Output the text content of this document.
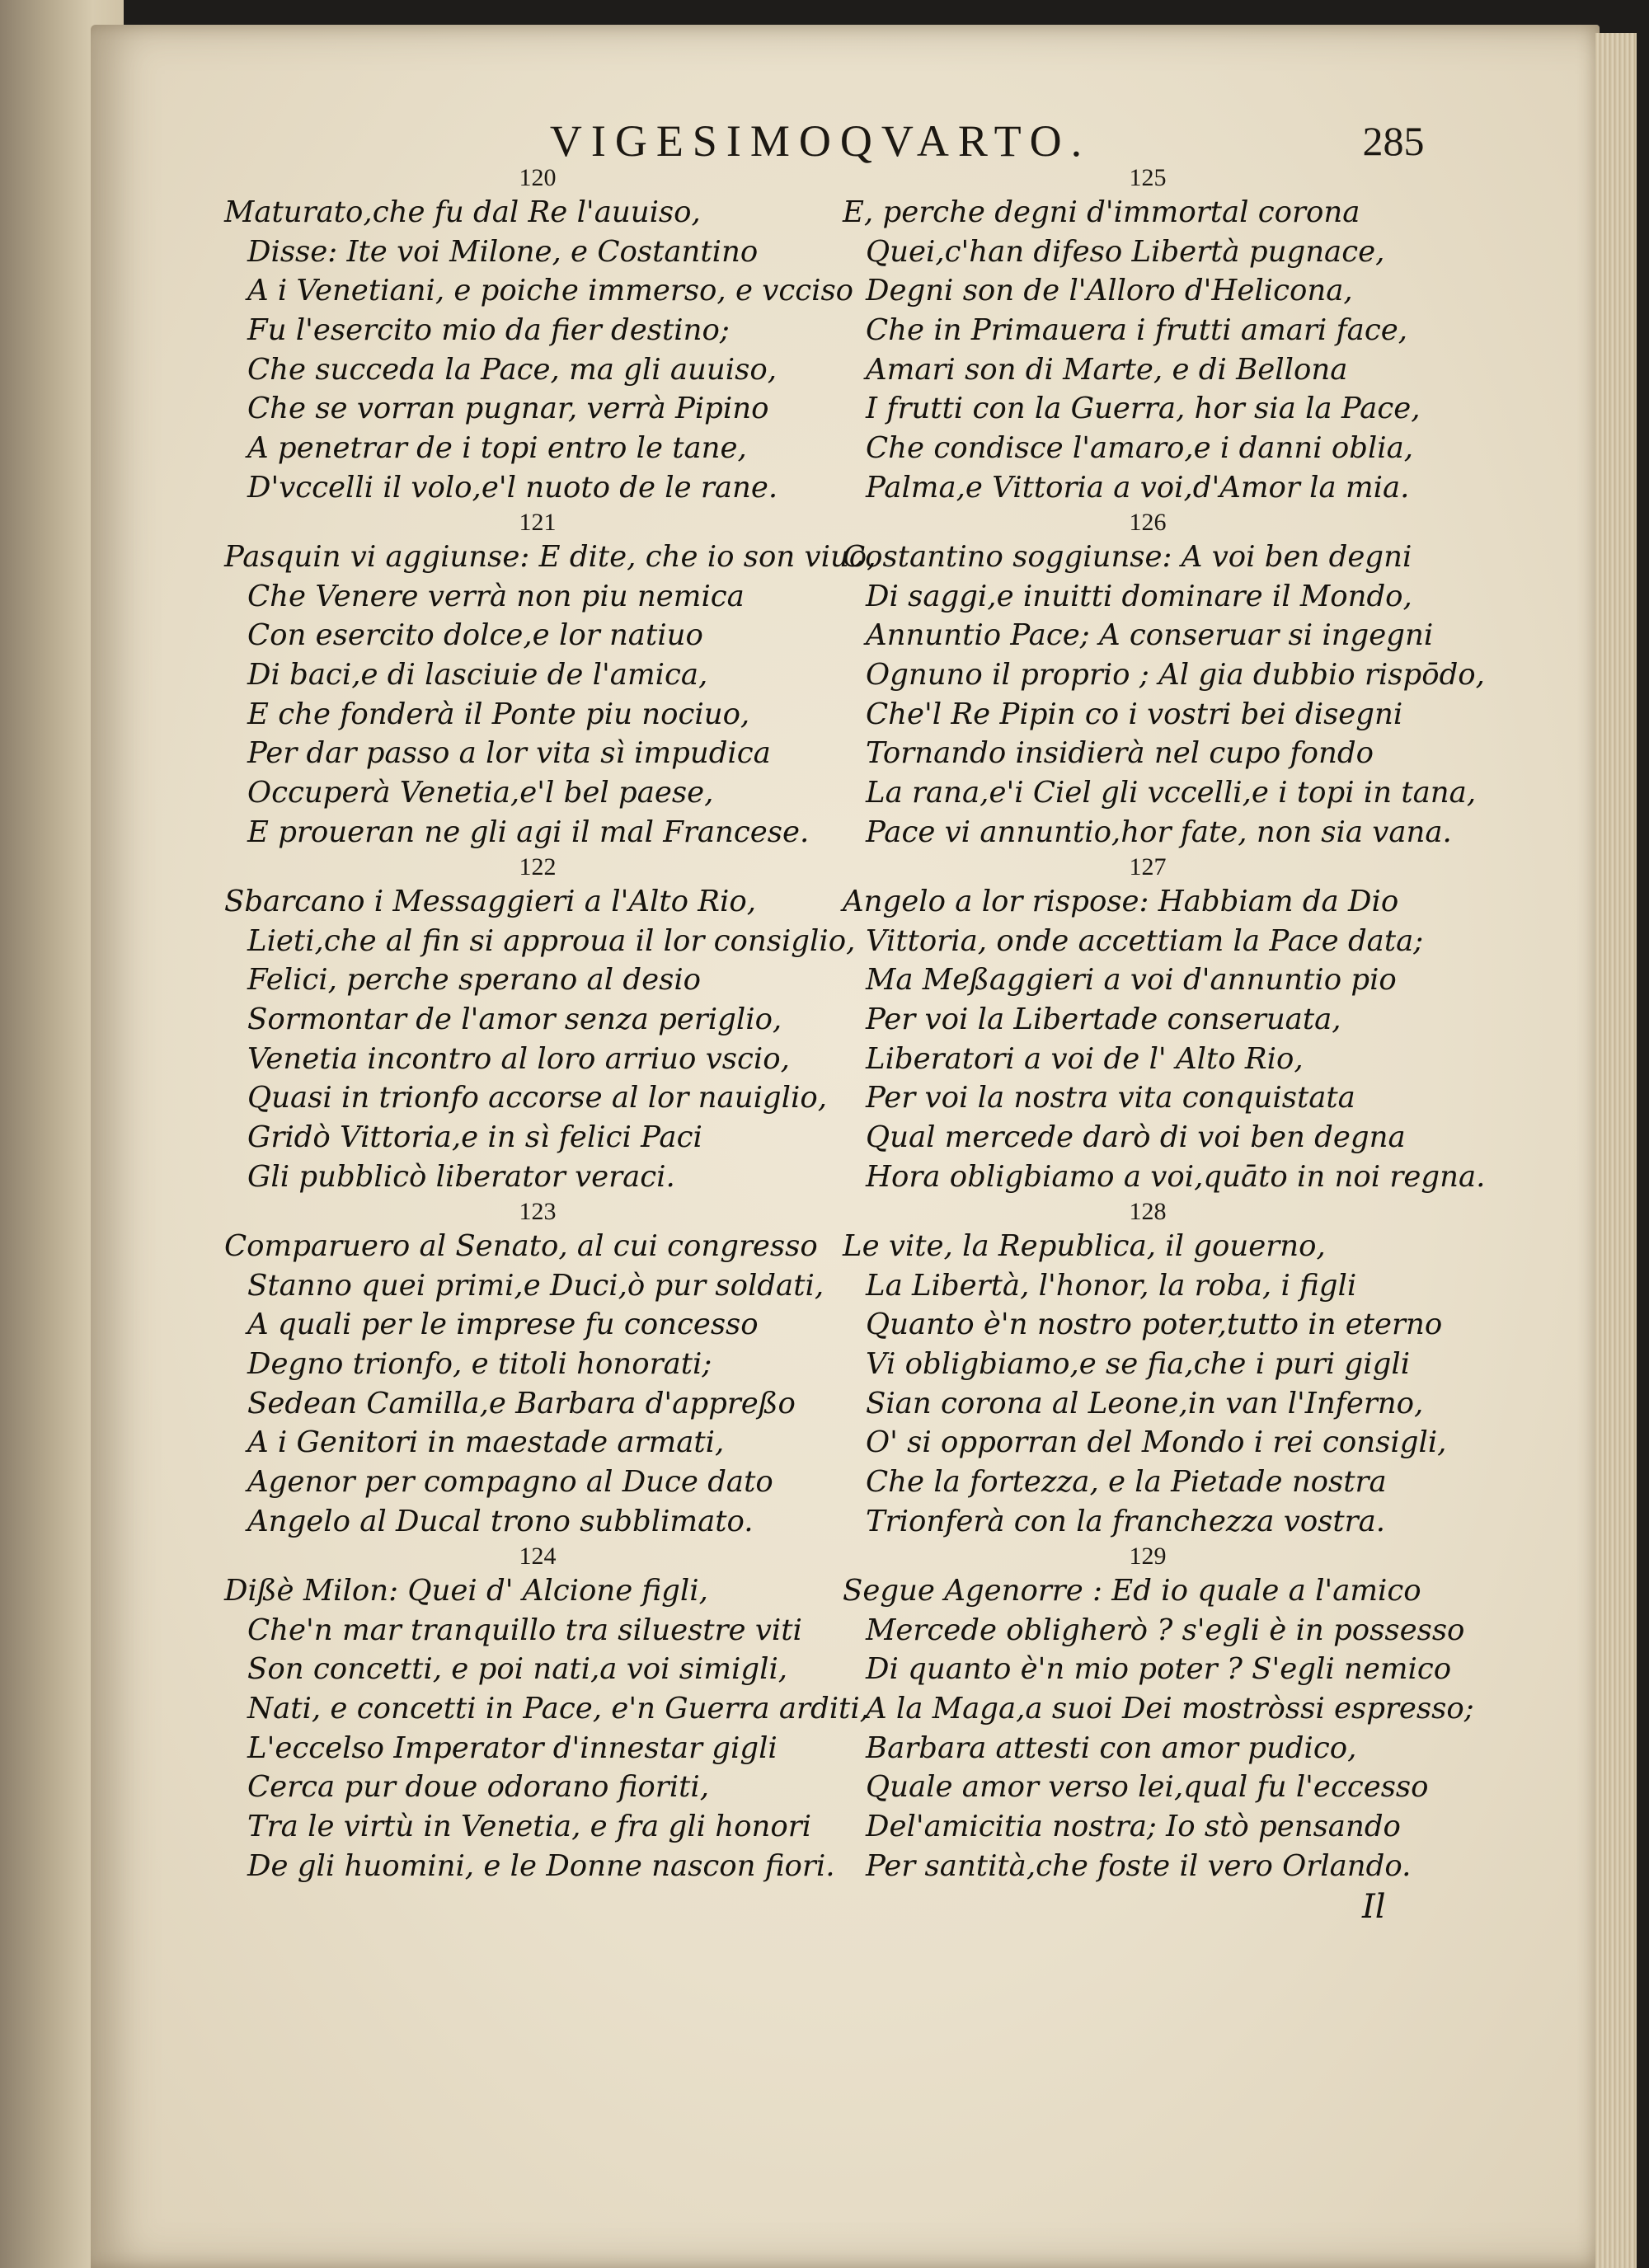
VIGESIMOQVARTO.	285
120
Maturato,che fu dal Re l'auuiso,
Disse: Ite voi Milone, e Costantino
A i Venetiani, e poiche immerso, e vcciso
Fu l'esercito mio da fier destino;
Che succeda la Pace, ma gli auuiso,
Che se vorran pugnar, verrà Pipino
A penetrar de i topi entro le tane,
D'vccelli il volo,e'l nuoto de le rane.
121
Pasquin vi aggiunse: E dite, che io son viuo,
Che Venere verrà non piu nemica
Con esercito dolce,e lor natiuo
Di baci,e di lasciuie de l'amica,
E che fonderà il Ponte piu nociuo,
Per dar passo a lor vita sì impudica
Occuperà Venetia,e'l bel paese,
E proueran ne gli agi il mal Francese.
122
Sbarcano i Messaggieri a l'Alto Rio,
Lieti,che al fin si approua il lor consiglio,
Felici, perche sperano al desio
Sormontar de l'amor senza periglio,
Venetia incontro al loro arriuo vscio,
Quasi in trionfo accorse al lor nauiglio,
Gridò Vittoria,e in sì felici Paci
Gli pubblicò liberator veraci.
123
Comparuero al Senato, al cui congresso
Stanno quei primi,e Duci,ò pur soldati,
A quali per le imprese fu concesso
Degno trionfo, e titoli honorati;
Sedean Camilla,e Barbara d'appreßo
A i Genitori in maestade armati,
Agenor per compagno al Duce dato
Angelo al Ducal trono subblimato.
124
Dißè Milon: Quei d' Alcione figli,
Che'n mar tranquillo tra siluestre viti
Son concetti, e poi nati,a voi simigli,
Nati, e concetti in Pace, e'n Guerra arditi,
L'eccelso Imperator d'innestar gigli
Cerca pur doue odorano fioriti,
Tra le virtù in Venetia, e fra gli honori
De gli huomini, e le Donne nascon fiori.
125
E, perche degni d'immortal corona
Quei,c'han difeso Libertà pugnace,
Degni son de l'Alloro d'Helicona,
Che in Primauera i frutti amari face,
Amari son di Marte, e di Bellona
I frutti con la Guerra, hor sia la Pace,
Che condisce l'amaro,e i danni oblia,
Palma,e Vittoria a voi,d'Amor la mia.
126
Costantino soggiunse: A voi ben degni
Di saggi,e inuitti dominare il Mondo,
Annuntio Pace; A conseruar si ingegni
Ognuno il proprio ; Al gia dubbio rispōdo,
Che'l Re Pipin co i vostri bei disegni
Tornando insidierà nel cupo fondo
La rana,e'i Ciel gli vccelli,e i topi in tana,
Pace vi annuntio,hor fate, non sia vana.
127
Angelo a lor rispose: Habbiam da Dio
Vittoria, onde accettiam la Pace data;
Ma Meßaggieri a voi d'annuntio pio
Per voi la Libertade conseruata,
Liberatori a voi de l' Alto Rio,
Per voi la nostra vita conquistata
Qual mercede darò di voi ben degna
Hora obligbiamo a voi,quāto in noi regna.
128
Le vite, la Republica, il gouerno,
La Libertà, l'honor, la roba, i figli
Quanto è'n nostro poter,tutto in eterno
Vi obligbiamo,e se fia,che i puri gigli
Sian corona al Leone,in van l'Inferno,
O' si opporran del Mondo i rei consigli,
Che la fortezza, e la Pietade nostra
Trionferà con la franchezza vostra.
129
Segue Agenorre : Ed io quale a l'amico
Mercede obligherò ? s'egli è in possesso
Di quanto è'n mio poter ? S'egli nemico
A la Maga,a suoi Dei mostròssi espresso;
Barbara attesti con amor pudico,
Quale amor verso lei,qual fu l'eccesso
Del'amicitia nostra; Io stò pensando
Per santità,che foste il vero Orlando.
Il
